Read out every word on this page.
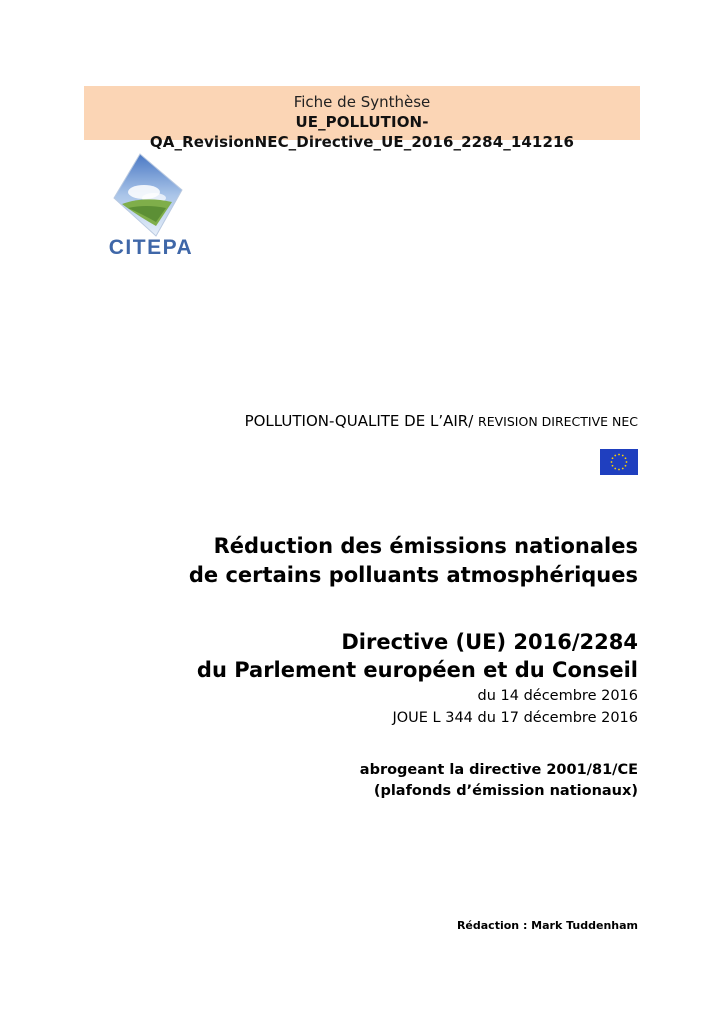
Fiche de Synthèse
UE_POLLUTION-QA_RevisionNEC_Directive_UE_2016_2284_141216
CITEPA
POLLUTION-QUALITE DE L’AIR/ REVISION DIRECTIVE NEC
Réduction des émissions nationales
de certains polluants atmosphériques
Directive (UE) 2016/2284
du Parlement européen et du Conseil
du 14 décembre 2016
JOUE L 344 du 17 décembre 2016
abrogeant la directive 2001/81/CE
(plafonds d’émission nationaux)
Rédaction : Mark Tuddenham
